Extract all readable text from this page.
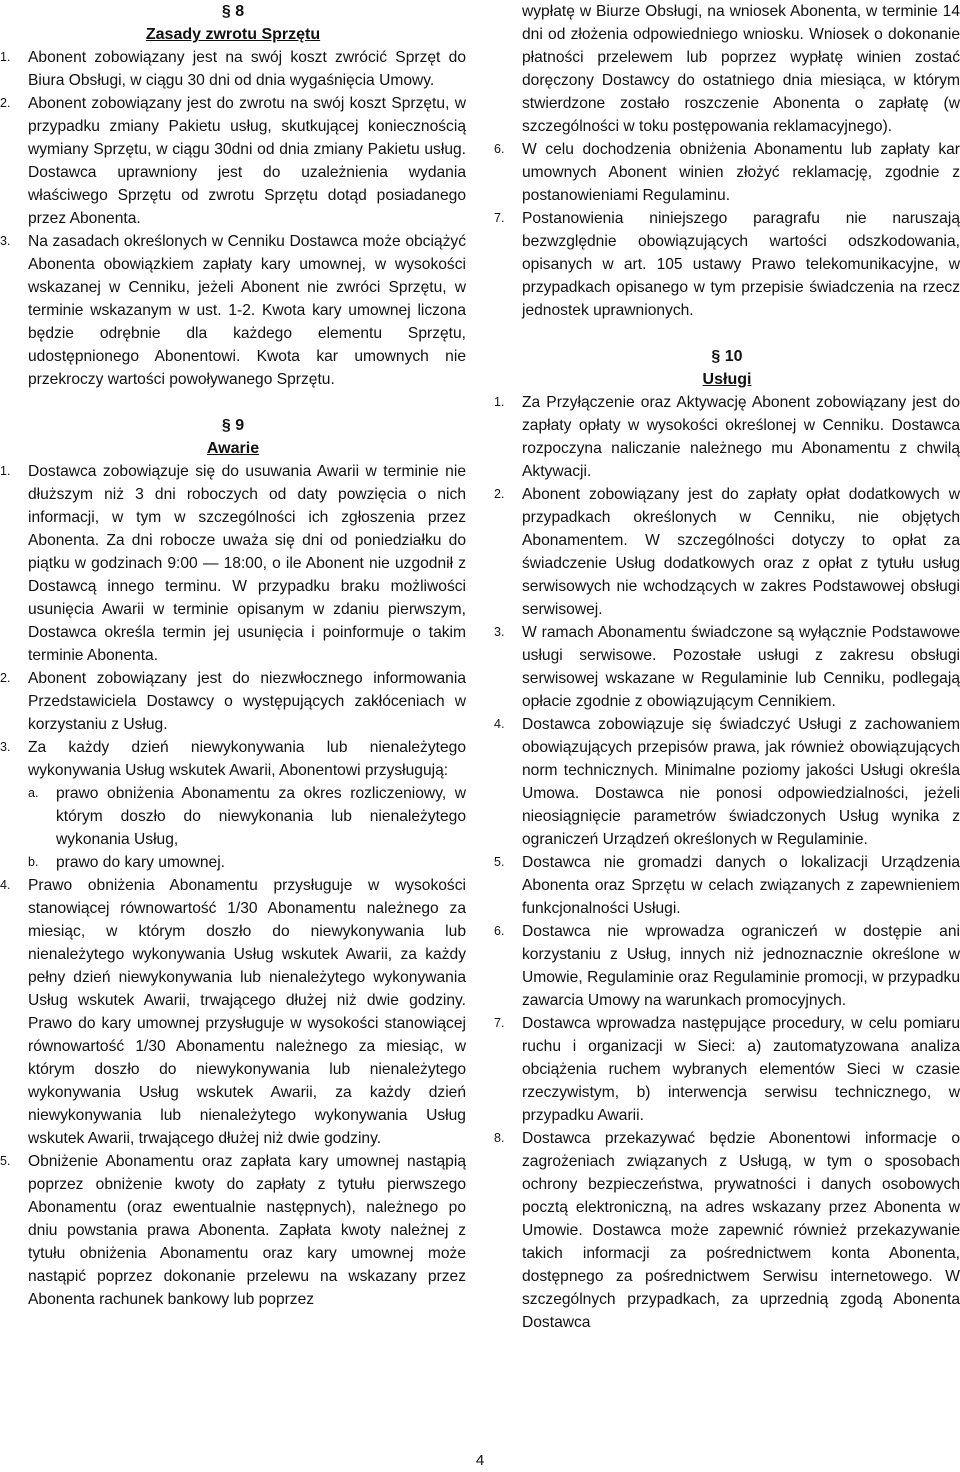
§ 8
Zasady zwrotu Sprzętu
1. Abonent zobowiązany jest na swój koszt zwrócić Sprzęt do Biura Obsługi, w ciągu 30 dni od dnia wygaśnięcia Umowy.
2. Abonent zobowiązany jest do zwrotu na swój koszt Sprzętu, w przypadku zmiany Pakietu usług, skutkującej koniecznością wymiany Sprzętu, w ciągu 30dni od dnia zmiany Pakietu usług. Dostawca uprawniony jest do uzależnienia wydania właściwego Sprzętu od zwrotu Sprzętu dotąd posiadanego przez Abonenta.
3. Na zasadach określonych w Cenniku Dostawca może obciążyć Abonenta obowiązkiem zapłaty kary umownej, w wysokości wskazanej w Cenniku, jeżeli Abonent nie zwróci Sprzętu, w terminie wskazanym w ust. 1-2. Kwota kary umownej liczona będzie odrębnie dla każdego elementu Sprzętu, udostępnionego Abonentowi. Kwota kar umownych nie przekroczy wartości powoływanego Sprzętu.
§ 9
Awarie
1. Dostawca zobowiązuje się do usuwania Awarii w terminie nie dłuższym niż 3 dni roboczych od daty powzięcia o nich informacji, w tym w szczególności ich zgłoszenia przez Abonenta. Za dni robocze uważa się dni od poniedziałku do piątku w godzinach 9:00 — 18:00, o ile Abonent nie uzgodnił z Dostawcą innego terminu. W przypadku braku możliwości usunięcia Awarii w terminie opisanym w zdaniu pierwszym, Dostawca określa termin jej usunięcia i poinformuje o takim terminie Abonenta.
2. Abonent zobowiązany jest do niezwłocznego informowania Przedstawiciela Dostawcy o występujących zakłóceniach w korzystaniu z Usług.
3. Za każdy dzień niewykonywania lub nienależytego wykonywania Usług wskutek Awarii, Abonentowi przysługują:
a. prawo obniżenia Abonamentu za okres rozliczeniowy, w którym doszło do niewykonania lub nienależytego wykonania Usług,
b. prawo do kary umownej.
4. Prawo obniżenia Abonamentu przysługuje w wysokości stanowiącej równowartość 1/30 Abonamentu należnego za miesiąc, w którym doszło do niewykonywania lub nienależytego wykonywania Usług wskutek Awarii, za każdy pełny dzień niewykonywania lub nienależytego wykonywania Usług wskutek Awarii, trwającego dłużej niż dwie godziny. Prawo do kary umownej przysługuje w wysokości stanowiącej równowartość 1/30 Abonamentu należnego za miesiąc, w którym doszło do niewykonywania lub nienależytego wykonywania Usług wskutek Awarii, za każdy dzień niewykonywania lub nienależytego wykonywania Usług wskutek Awarii, trwającego dłużej niż dwie godziny.
5. Obniżenie Abonamentu oraz zapłata kary umownej nastąpią poprzez obniżenie kwoty do zapłaty z tytułu pierwszego Abonamentu (oraz ewentualnie następnych), należnego po dniu powstania prawa Abonenta. Zapłata kwoty należnej z tytułu obniżenia Abonamentu oraz kary umownej może nastąpić poprzez dokonanie przelewu na wskazany przez Abonenta rachunek bankowy lub poprzez
wypłatę w Biurze Obsługi, na wniosek Abonenta, w terminie 14 dni od złożenia odpowiedniego wniosku. Wniosek o dokonanie płatności przelewem lub poprzez wypłatę winien zostać doręczony Dostawcy do ostatniego dnia miesiąca, w którym stwierdzone zostało roszczenie Abonenta o zapłatę (w szczególności w toku postępowania reklamacyjnego).
6. W celu dochodzenia obniżenia Abonamentu lub zapłaty kar umownych Abonent winien złożyć reklamację, zgodnie z postanowieniami Regulaminu.
7. Postanowienia niniejszego paragrafu nie naruszają bezwzględnie obowiązujących wartości odszkodowania, opisanych w art. 105 ustawy Prawo telekomunikacyjne, w przypadkach opisanego w tym przepisie świadczenia na rzecz jednostek uprawnionych.
§ 10
Usługi
1. Za Przyłączenie oraz Aktywację Abonent zobowiązany jest do zapłaty opłaty w wysokości określonej w Cenniku. Dostawca rozpoczyna naliczanie należnego mu Abonamentu z chwilą Aktywacji.
2. Abonent zobowiązany jest do zapłaty opłat dodatkowych w przypadkach określonych w Cenniku, nie objętych Abonamentem. W szczególności dotyczy to opłat za świadczenie Usług dodatkowych oraz z opłat z tytułu usług serwisowych nie wchodzących w zakres Podstawowej obsługi serwisowej.
3. W ramach Abonamentu świadczone są wyłącznie Podstawowe usługi serwisowe. Pozostałe usługi z zakresu obsługi serwisowej wskazane w Regulaminie lub Cenniku, podlegają opłacie zgodnie z obowiązującym Cennikiem.
4. Dostawca zobowiązuje się świadczyć Usługi z zachowaniem obowiązujących przepisów prawa, jak również obowiązujących norm technicznych. Minimalne poziomy jakości Usługi określa Umowa. Dostawca nie ponosi odpowiedzialności, jeżeli nieosiągnięcie parametrów świadczonych Usług wynika z ograniczeń Urządzeń określonych w Regulaminie.
5. Dostawca nie gromadzi danych o lokalizacji Urządzenia Abonenta oraz Sprzętu w celach związanych z zapewnieniem funkcjonalności Usługi.
6. Dostawca nie wprowadza ograniczeń w dostępie ani korzystaniu z Usług, innych niż jednoznacznie określone w Umowie, Regulaminie oraz Regulaminie promocji, w przypadku zawarcia Umowy na warunkach promocyjnych.
7. Dostawca wprowadza następujące procedury, w celu pomiaru ruchu i organizacji w Sieci: a) zautomatyzowana analiza obciążenia ruchem wybranych elementów Sieci w czasie rzeczywistym, b) interwencja serwisu technicznego, w przypadku Awarii.
8. Dostawca przekazywać będzie Abonentowi informacje o zagrożeniach związanych z Usługą, w tym o sposobach ochrony bezpieczeństwa, prywatności i danych osobowych pocztą elektroniczną, na adres wskazany przez Abonenta w Umowie. Dostawca może zapewnić również przekazywanie takich informacji za pośrednictwem konta Abonenta, dostępnego za pośrednictwem Serwisu internetowego. W szczególnych przypadkach, za uprzednią zgodą Abonenta Dostawca
4
